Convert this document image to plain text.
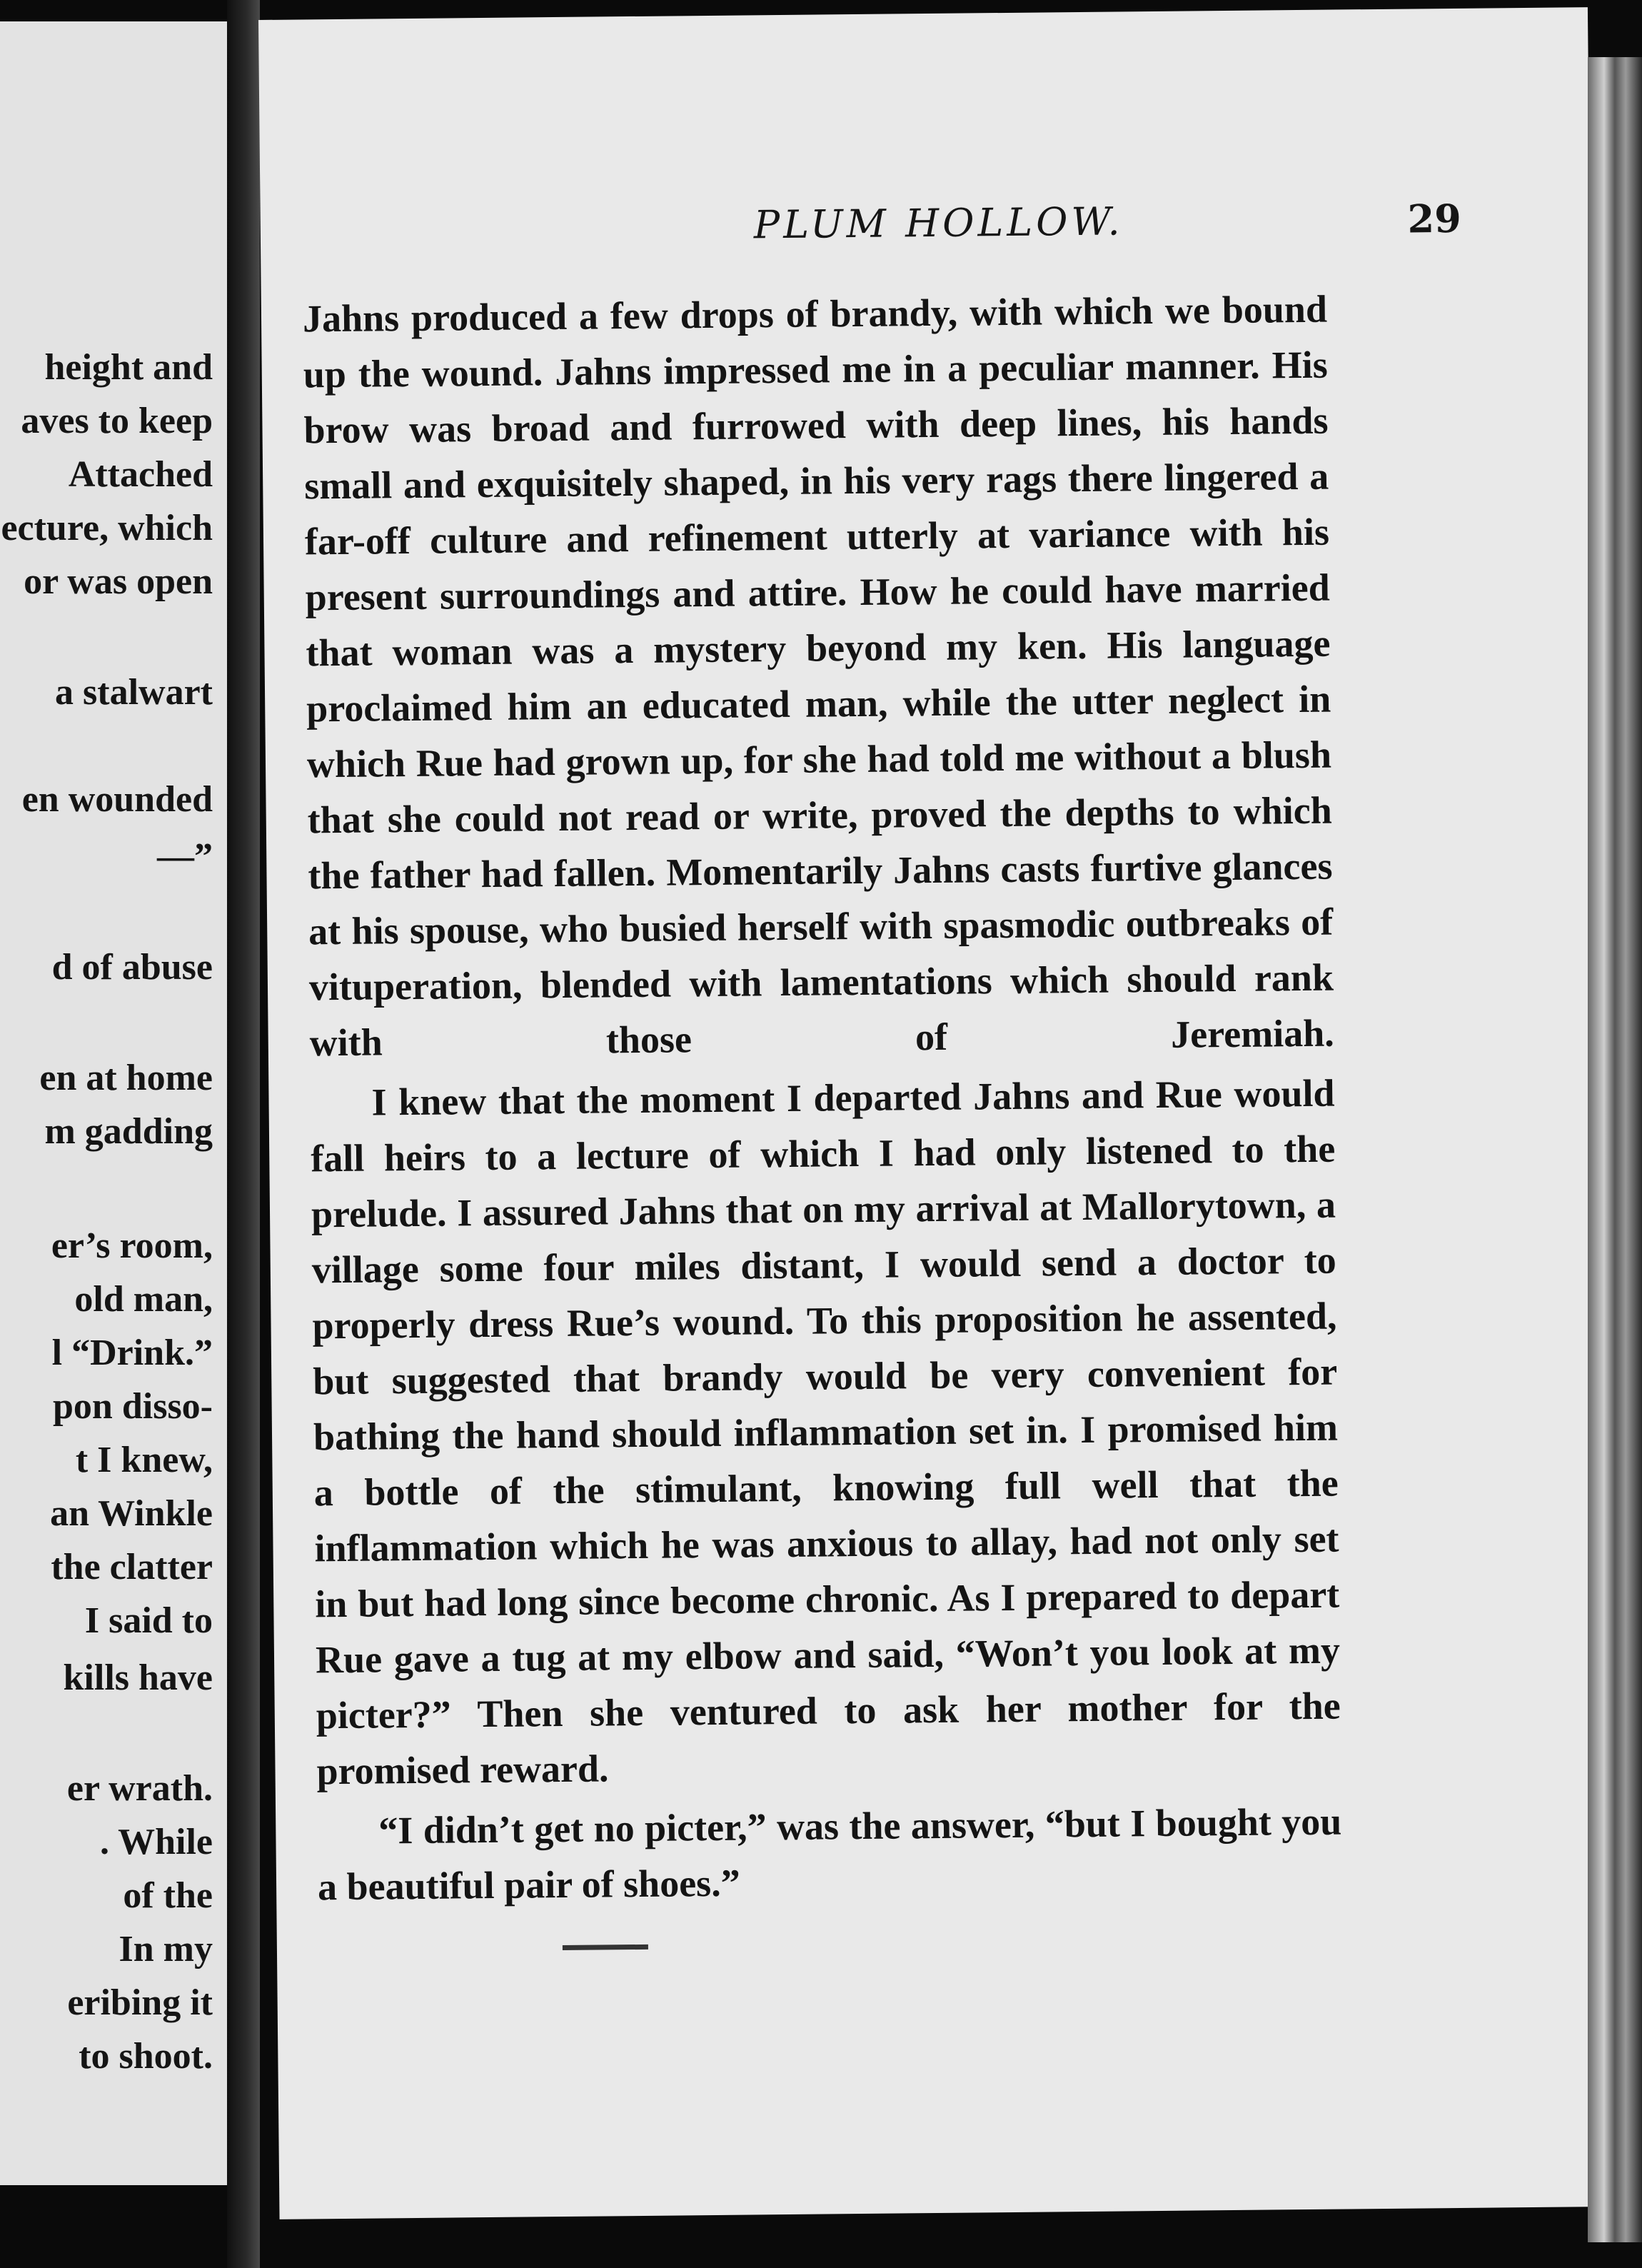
height and
aves to keep
Attached
ecture, which
or was open
a stalwart
en wounded
—”
d of abuse
en at home
m gadding
er’s room,
old man,
l “Drink.”
pon disso-
t I knew,
an Winkle
the clatter
I said to
kills have
er wrath.
. While
of the
In my
eribing it
to shoot.
PLUM HOLLOW.	29

Jahns produced a few drops of brandy, with which we bound up the wound. Jahns impressed me in a peculiar manner. His brow was broad and furrowed with deep lines, his hands small and exquisitely shaped, in his very rags there lingered a far-off culture and refinement utterly at variance with his present surroundings and attire. How he could have married that woman was a mystery beyond my ken. His language proclaimed him an educated man, while the utter neglect in which Rue had grown up, for she had told me without a blush that she could not read or write, proved the depths to which the father had fallen. Momentarily Jahns casts furtive glances at his spouse, who busied herself with spasmodic outbreaks of vituperation, blended with lamentations which should rank with those of Jeremiah.

I knew that the moment I departed Jahns and Rue would fall heirs to a lecture of which I had only listened to the prelude. I assured Jahns that on my arrival at Mallorytown, a village some four miles distant, I would send a doctor to properly dress Rue’s wound. To this proposition he assented, but suggested that brandy would be very convenient for bathing the hand should inflammation set in. I promised him a bottle of the stimulant, knowing full well that the inflammation which he was anxious to allay, had not only set in but had long since become chronic. As I prepared to depart Rue gave a tug at my elbow and said, “Won’t you look at my picter?” Then she ventured to ask her mother for the promised reward.

“I didn’t get no picter,” was the answer, “but I bought you a beautiful pair of shoes.”
